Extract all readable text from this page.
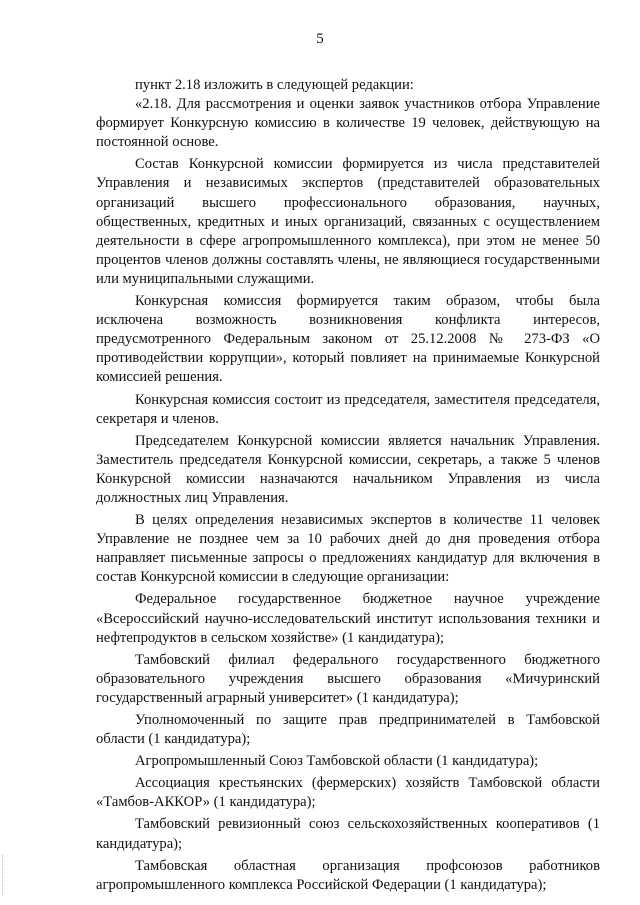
5

пункт 2.18 изложить в следующей редакции:

«2.18. Для рассмотрения и оценки заявок участников отбора Управление формирует Конкурсную комиссию в количестве 19 человек, действующую на постоянной основе.

Состав Конкурсной комиссии формируется из числа представителей Управления и независимых экспертов (представителей образовательных организаций высшего профессионального образования, научных, общественных, кредитных и иных организаций, связанных с осуществлением деятельности в сфере агропромышленного комплекса), при этом не менее 50 процентов членов должны составлять члены, не являющиеся государственными или муниципальными служащими.

Конкурсная комиссия формируется таким образом, чтобы была исключена возможность возникновения конфликта интересов, предусмотренного Федеральным законом от 25.12.2008 № 273-ФЗ «О противодействии коррупции», который повлияет на принимаемые Конкурсной комиссией решения.

Конкурсная комиссия состоит из председателя, заместителя председателя, секретаря и членов.

Председателем Конкурсной комиссии является начальник Управления. Заместитель председателя Конкурсной комиссии, секретарь, а также 5 членов Конкурсной комиссии назначаются начальником Управления из числа должностных лиц Управления.

В целях определения независимых экспертов в количестве 11 человек Управление не позднее чем за 10 рабочих дней до дня проведения отбора направляет письменные запросы о предложениях кандидатур для включения в состав Конкурсной комиссии в следующие организации:

Федеральное государственное бюджетное научное учреждение «Всероссийский научно-исследовательский институт использования техники и нефтепродуктов в сельском хозяйстве» (1 кандидатура);

Тамбовский филиал федерального государственного бюджетного образовательного учреждения высшего образования «Мичуринский государственный аграрный университет» (1 кандидатура);

Уполномоченный по защите прав предпринимателей в Тамбовской области (1 кандидатура);

Агропромышленный Союз Тамбовской области (1 кандидатура);

Ассоциация крестьянских (фермерских) хозяйств Тамбовской области «Тамбов-АККОР» (1 кандидатура);

Тамбовский ревизионный союз сельскохозяйственных кооперативов (1 кандидатура);

Тамбовская областная организация профсоюзов работников агропромышленного комплекса Российской Федерации (1 кандидатура);
